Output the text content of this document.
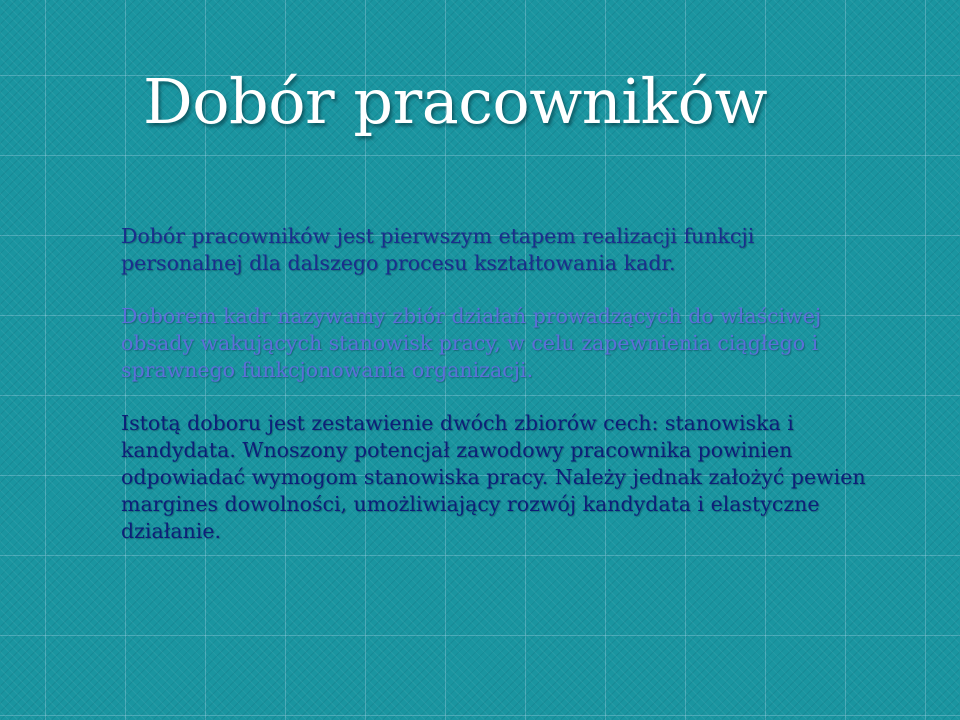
Dobór pracowników

Dobór pracowników jest pierwszym etapem realizacji funkcji personalnej dla dalszego procesu kształtowania kadr.

Doborem kadr nazywamy zbiór działań prowadzących do właściwej obsady wakujących stanowisk pracy, w celu zapewnienia ciągłego i sprawnego funkcjonowania organizacji.

Istotą doboru jest zestawienie dwóch zbiorów cech: stanowiska i kandydata. Wnoszony potencjał zawodowy pracownika powinien odpowiadać wymogom stanowiska pracy. Należy jednak założyć pewien margines dowolności, umożliwiający rozwój kandydata i elastyczne działanie.
